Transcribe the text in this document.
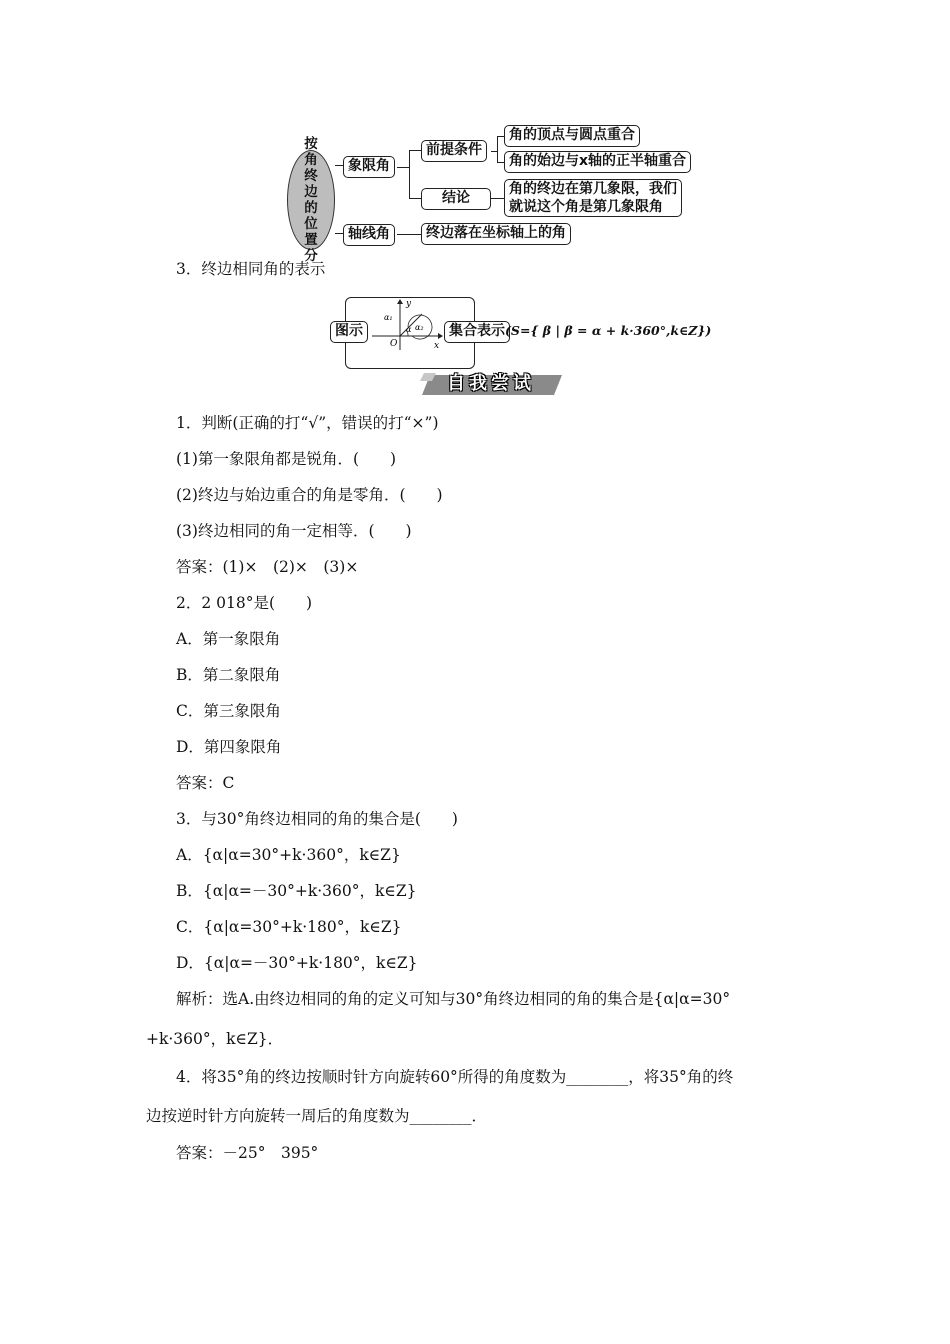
按角终边的位置分
象限角
轴线角
前提条件
结论
角的顶点与圆点重合
角的始边与x轴的正半轴重合
角的终边在第几象限，我们
就说这个角是第几象限角
终边落在坐标轴上的角
3．终边相同角的表示
图示	集合表示
y
x
O
α₁
α₂
α	(S={ β | β = α + k·360°,k∈Z})
自我尝试
1．判断(正确的打“√”，错误的打“×”)
(1)第一象限角都是锐角．(　　)
(2)终边与始边重合的角是零角．(　　)
(3)终边相同的角一定相等．(　　)
答案：(1)×　(2)×　(3)×
2．2 018°是(　　)
A．第一象限角
B．第二象限角
C．第三象限角
D．第四象限角
答案：C
3．与30°角终边相同的角的集合是(　　)
A．{α|α=30°+k·360°，k∈Z}
B．{α|α=－30°+k·360°，k∈Z}
C．{α|α=30°+k·180°，k∈Z}
D．{α|α=－30°+k·180°，k∈Z}
解析：选A.由终边相同的角的定义可知与30°角终边相同的角的集合是{α|α=30°
+k·360°，k∈Z}．
4．将35°角的终边按顺时针方向旋转60°所得的角度数为________，将35°角的终
边按逆时针方向旋转一周后的角度数为________．
答案：－25°　395°
